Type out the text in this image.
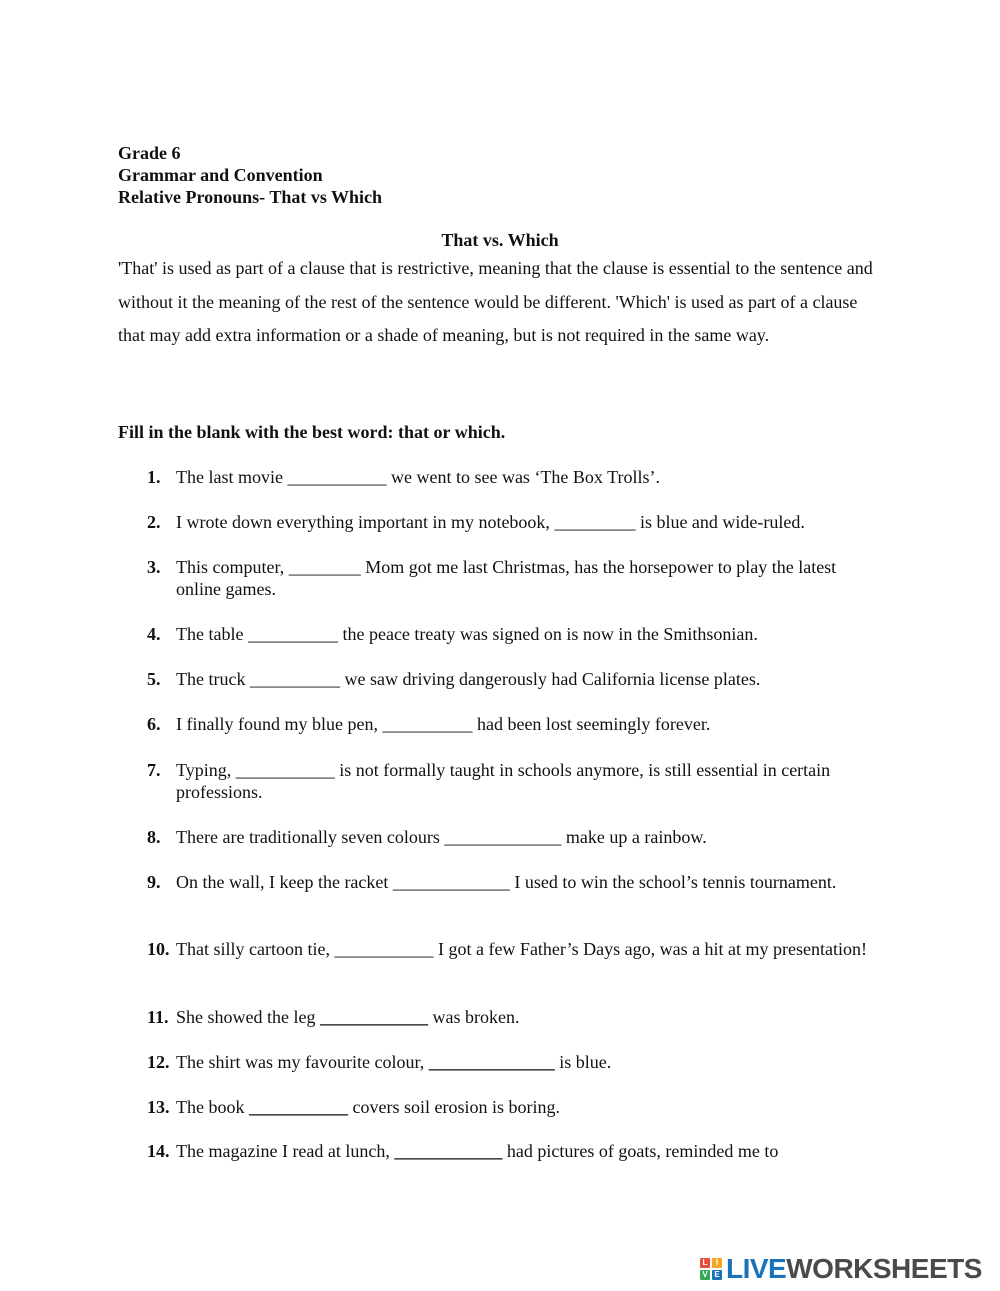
Grade 6
Grammar and Convention
Relative Pronouns- That vs Which
That vs. Which
'That' is used as part of a clause that is restrictive, meaning that the clause is essential to the sentence and without it the meaning of the rest of the sentence would be different. 'Which' is used as part of a clause that may add extra information or a shade of meaning, but is not required in the same way.
Fill in the blank with the best word: that or which.
1. The last movie ___________ we went to see was ‘The Box Trolls’.
2. I wrote down everything important in my notebook, _________ is blue and wide-ruled.
3. This computer, ________ Mom got me last Christmas, has the horsepower to play the latest online games.
4. The table __________ the peace treaty was signed on is now in the Smithsonian.
5. The truck __________ we saw driving dangerously had California license plates.
6. I finally found my blue pen, __________ had been lost seemingly forever.
7. Typing, ___________ is not formally taught in schools anymore, is still essential in certain professions.
8. There are traditionally seven colours _____________ make up a rainbow.
9. On the wall, I keep the racket _____________ I used to win the school’s tennis tournament.
10. That silly cartoon tie, ___________ I got a few Father’s Days ago, was a hit at my presentation!
11. She showed the leg ____________ was broken.
12. The shirt was my favourite colour, ______________ is blue.
13. The book ___________ covers soil erosion is boring.
14. The magazine I read at lunch, ____________ had pictures of goats, reminded me to
L	I
V E LIVEWORKSHEETS
